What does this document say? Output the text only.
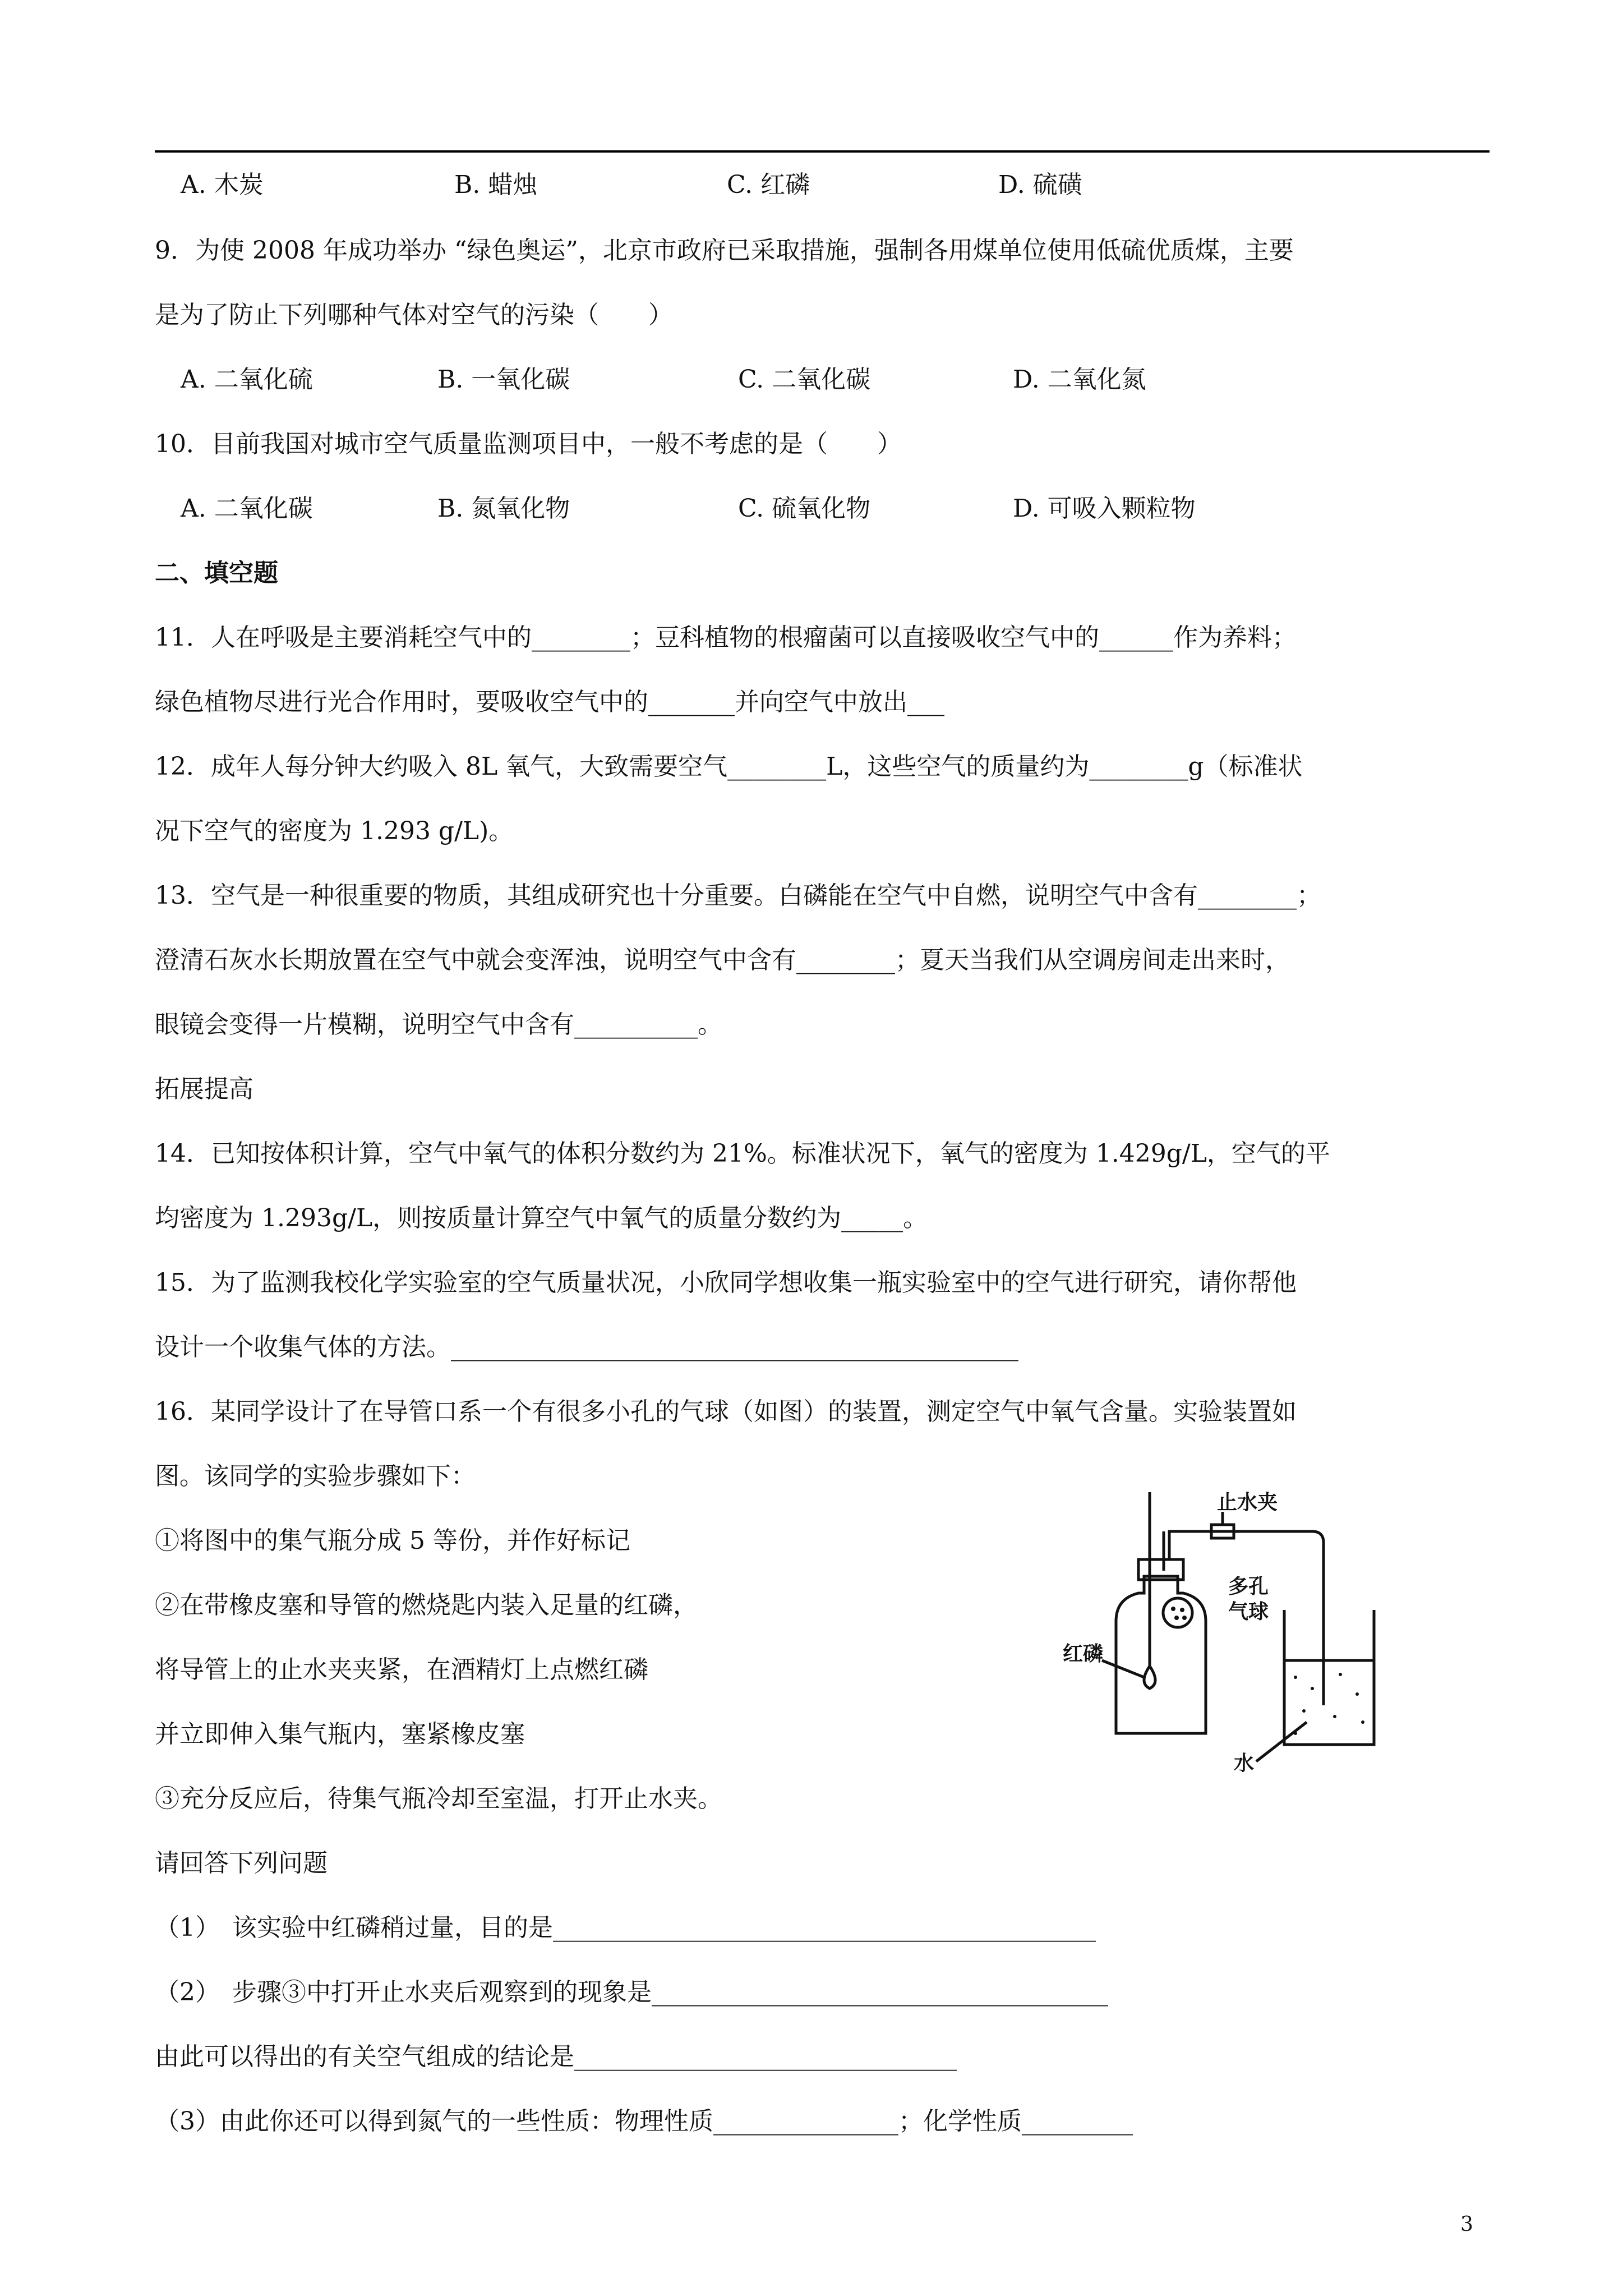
A. 木炭	B. 蜡烛	C. 红磷	D. 硫磺
9．为使 2008 年成功举办 “绿色奥运”，北京市政府已采取措施，强制各用煤单位使用低硫优质煤，主要
是为了防止下列哪种气体对空气的污染（　　）
A. 二氧化硫	B. 一氧化碳	C. 二氧化碳	D. 二氧化氮
10．目前我国对城市空气质量监测项目中，一般不考虑的是（　　）
A. 二氧化碳	B. 氮氧化物	C. 硫氧化物	D. 可吸入颗粒物
二、填空题
11．人在呼吸是主要消耗空气中的________；豆科植物的根瘤菌可以直接吸收空气中的______作为养料；
绿色植物尽进行光合作用时，要吸收空气中的_______并向空气中放出___
12．成年人每分钟大约吸入 8L 氧气，大致需要空气________L，这些空气的质量约为________g（标准状
况下空气的密度为 1.293 g/L)。
13．空气是一种很重要的物质，其组成研究也十分重要。白磷能在空气中自燃，说明空气中含有________；
澄清石灰水长期放置在空气中就会变浑浊，说明空气中含有________；夏天当我们从空调房间走出来时，
眼镜会变得一片模糊，说明空气中含有__________。
拓展提高
14．已知按体积计算，空气中氧气的体积分数约为 21%。标准状况下，氧气的密度为 1.429g/L，空气的平
均密度为 1.293g/L，则按质量计算空气中氧气的质量分数约为_____。
15．为了监测我校化学实验室的空气质量状况，小欣同学想收集一瓶实验室中的空气进行研究，请你帮他
设计一个收集气体的方法。______________________________________________
16．某同学设计了在导管口系一个有很多小孔的气球（如图）的装置，测定空气中氧气含量。实验装置如
图。该同学的实验步骤如下：
①将图中的集气瓶分成 5 等份，并作好标记
②在带橡皮塞和导管的燃烧匙内装入足量的红磷，
将导管上的止水夹夹紧，在酒精灯上点燃红磷
并立即伸入集气瓶内，塞紧橡皮塞
③充分反应后，待集气瓶冷却至室温，打开止水夹。
请回答下列问题
（1）　该实验中红磷稍过量，目的是____________________________________________
（2）　步骤③中打开止水夹后观察到的现象是_____________________________________
由此可以得出的有关空气组成的结论是_______________________________
（3）由此你还可以得到氮气的一些性质：物理性质_______________；化学性质_________
止水夹
多孔
气球
红磷
水
3
